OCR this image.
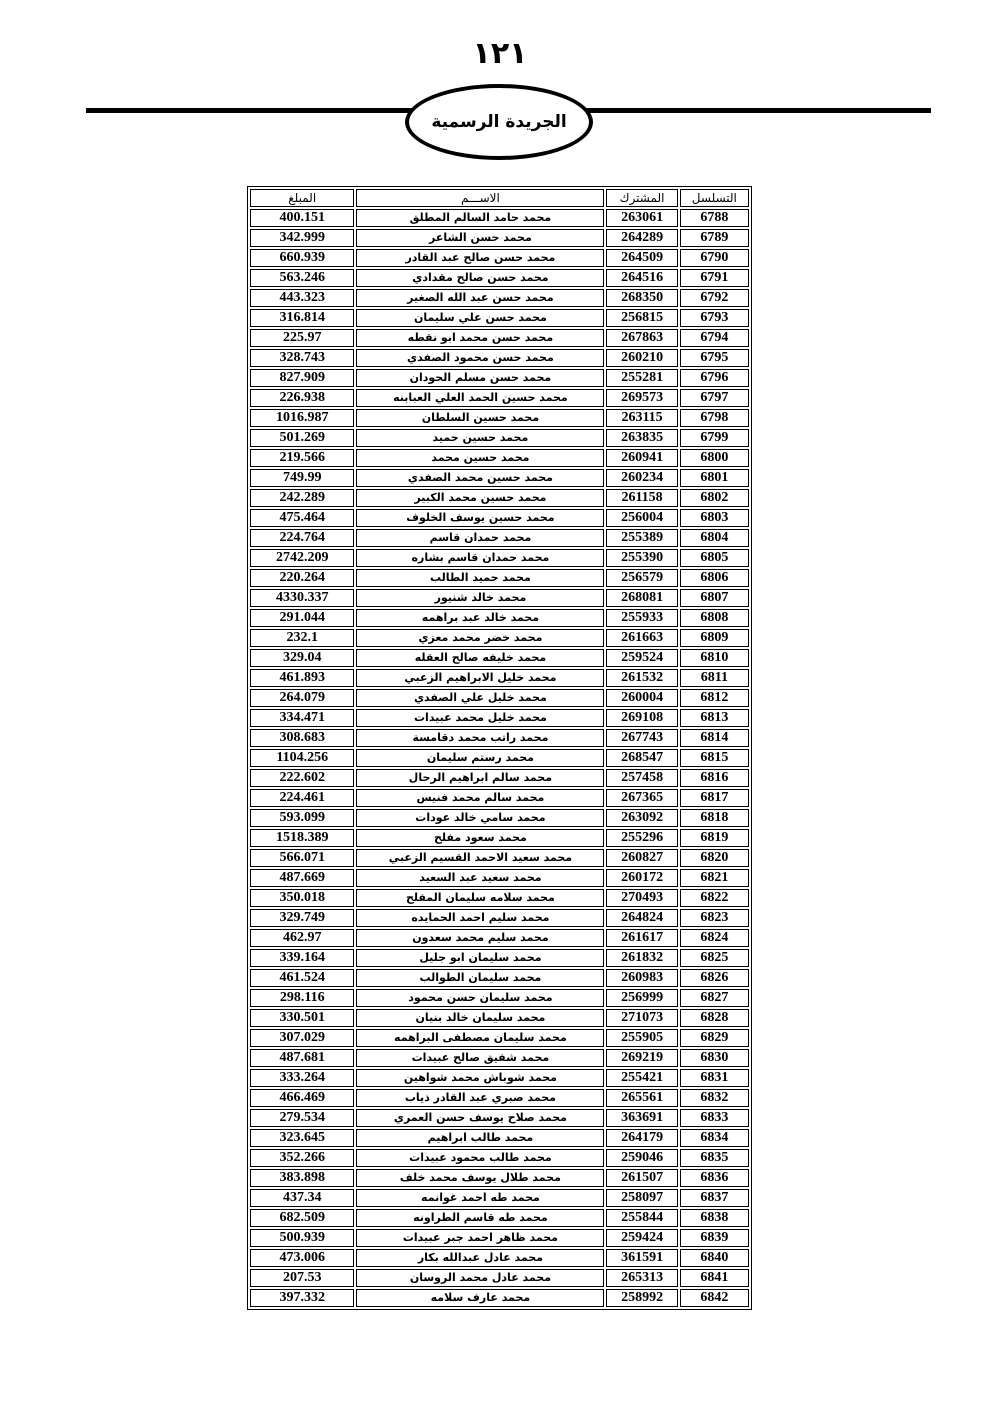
١٢١
الجريدة الرسمية
المبلغ	الاســـم	المشترك	التسلسل
400.151	محمد حامد السالم المطلق	263061	6788
342.999	محمد حسن الشاعر	264289	6789
660.939	محمد حسن صالح عبد القادر	264509	6790
563.246	محمد حسن صالح مقدادي	264516	6791
443.323	محمد حسن عبد الله الصغير	268350	6792
316.814	محمد حسن علي سليمان	256815	6793
225.97	محمد حسن محمد ابو نقطه	267863	6794
328.743	محمد حسن محمود الصفدي	260210	6795
827.909	محمد حسن مسلم الحودان	255281	6796
226.938	محمد حسين الحمد العلي العبابنه	269573	6797
1016.987	محمد حسين السلطان	263115	6798
501.269	محمد حسين حميد	263835	6799
219.566	محمد حسين محمد	260941	6800
749.99	محمد حسين محمد الصفدي	260234	6801
242.289	محمد حسين محمد الكبير	261158	6802
475.464	محمد حسين يوسف الخلوف	256004	6803
224.764	محمد حمدان قاسم	255389	6804
2742.209	محمد حمدان قاسم بشاره	255390	6805
220.264	محمد حميد الطالب	256579	6806
4330.337	محمد خالد شنيور	268081	6807
291.044	محمد خالد عبد براهمه	255933	6808
232.1	محمد خضر محمد معزي	261663	6809
329.04	محمد خليفه صالح العقله	259524	6810
461.893	محمد خليل الابراهيم الزعبي	261532	6811
264.079	محمد خليل علي الصفدي	260004	6812
334.471	محمد خليل محمد عبيدات	269108	6813
308.683	محمد راتب محمد دقامسة	267743	6814
1104.256	محمد رستم سليمان	268547	6815
222.602	محمد سالم ابراهيم الرحال	257458	6816
224.461	محمد سالم محمد فنيس	267365	6817
593.099	محمد سامي خالد عودات	263092	6818
1518.389	محمد سعود مفلح	255296	6819
566.071	محمد سعيد الاحمد القسيم الزعبي	260827	6820
487.669	محمد سعيد عبد السعيد	260172	6821
350.018	محمد سلامه سليمان المفلح	270493	6822
329.749	محمد سليم احمد الحمايده	264824	6823
462.97	محمد سليم محمد سعدون	261617	6824
339.164	محمد سليمان ابو جليل	261832	6825
461.524	محمد سليمان الطوالب	260983	6826
298.116	محمد سليمان حسن محمود	256999	6827
330.501	محمد سليمان خالد بنيان	271073	6828
307.029	محمد سليمان مصطفى البراهمه	255905	6829
487.681	محمد شفيق صالح عبيدات	269219	6830
333.264	محمد شوباش محمد شواهين	255421	6831
466.469	محمد صبري عبد القادر ذياب	265561	6832
279.534	محمد صلاح يوسف حسن العمري	363691	6833
323.645	محمد طالب ابراهيم	264179	6834
352.266	محمد طالب محمود عبيدات	259046	6835
383.898	محمد طلال يوسف محمد خلف	261507	6836
437.34	محمد طه احمد غوانمه	258097	6837
682.509	محمد طه قاسم الطراونه	255844	6838
500.939	محمد ظاهر احمد جبر عبيدات	259424	6839
473.006	محمد عادل عبدالله بكار	361591	6840
207.53	محمد عادل محمد الروسان	265313	6841
397.332	محمد عارف سلامه	258992	6842
